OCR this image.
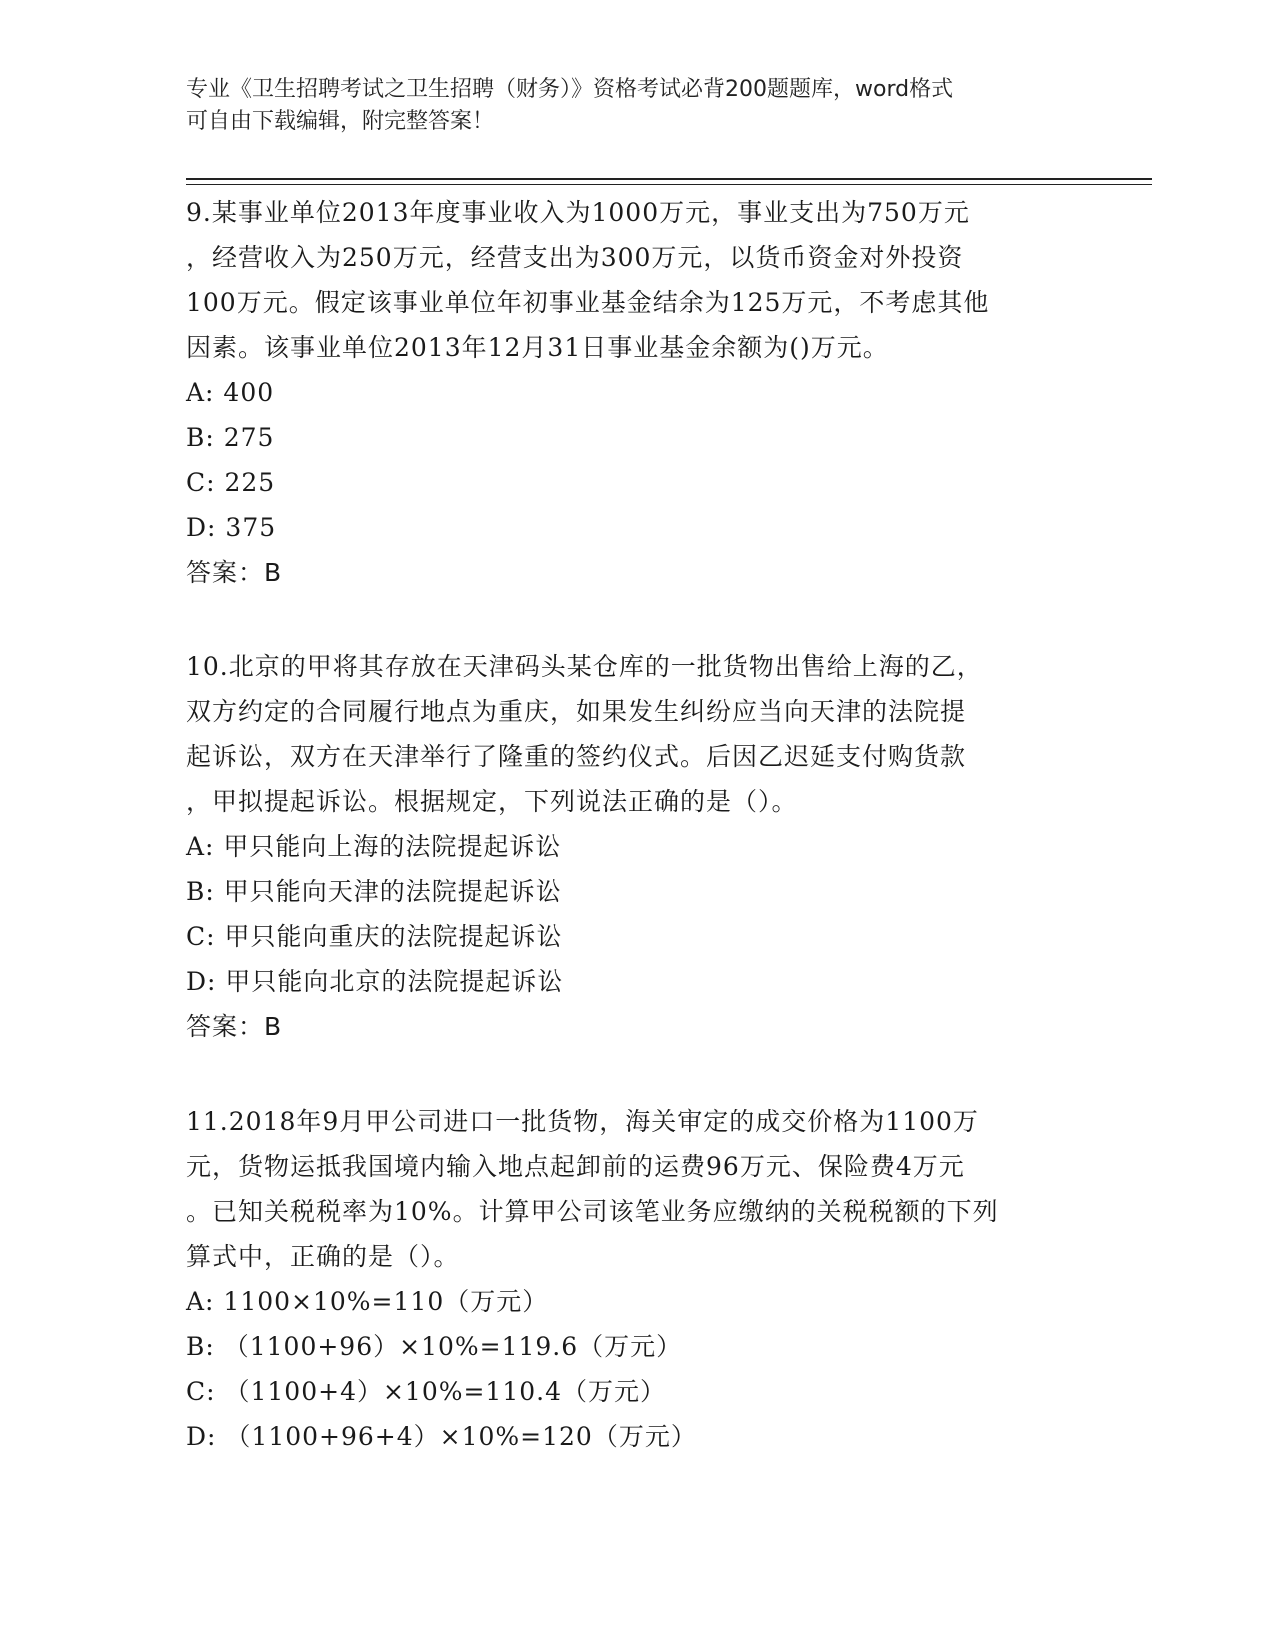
专业《卫生招聘考试之卫生招聘（财务）》资格考试必背200题题库，word格式
可自由下载编辑，附完整答案！
9.某事业单位2013年度事业收入为1000万元，事业支出为750万元
，经营收入为250万元，经营支出为300万元，以货币资金对外投资
100万元。假定该事业单位年初事业基金结余为125万元，不考虑其他
因素。该事业单位2013年12月31日事业基金余额为()万元。
A: 400
B: 275
C: 225
D: 375
答案：B
10.北京的甲将其存放在天津码头某仓库的一批货物出售给上海的乙，
双方约定的合同履行地点为重庆，如果发生纠纷应当向天津的法院提
起诉讼，双方在天津举行了隆重的签约仪式。后因乙迟延支付购货款
，甲拟提起诉讼。根据规定，下列说法正确的是（）。
A: 甲只能向上海的法院提起诉讼
B: 甲只能向天津的法院提起诉讼
C: 甲只能向重庆的法院提起诉讼
D: 甲只能向北京的法院提起诉讼
答案：B
11.2018年9月甲公司进口一批货物，海关审定的成交价格为1100万
元，货物运抵我国境内输入地点起卸前的运费96万元、保险费4万元
。已知关税税率为10%。计算甲公司该笔业务应缴纳的关税税额的下列
算式中，正确的是（）。
A: 1100×10%=110（万元）
B: （1100+96）×10%=119.6（万元）
C: （1100+4）×10%=110.4（万元）
D: （1100+96+4）×10%=120（万元）
